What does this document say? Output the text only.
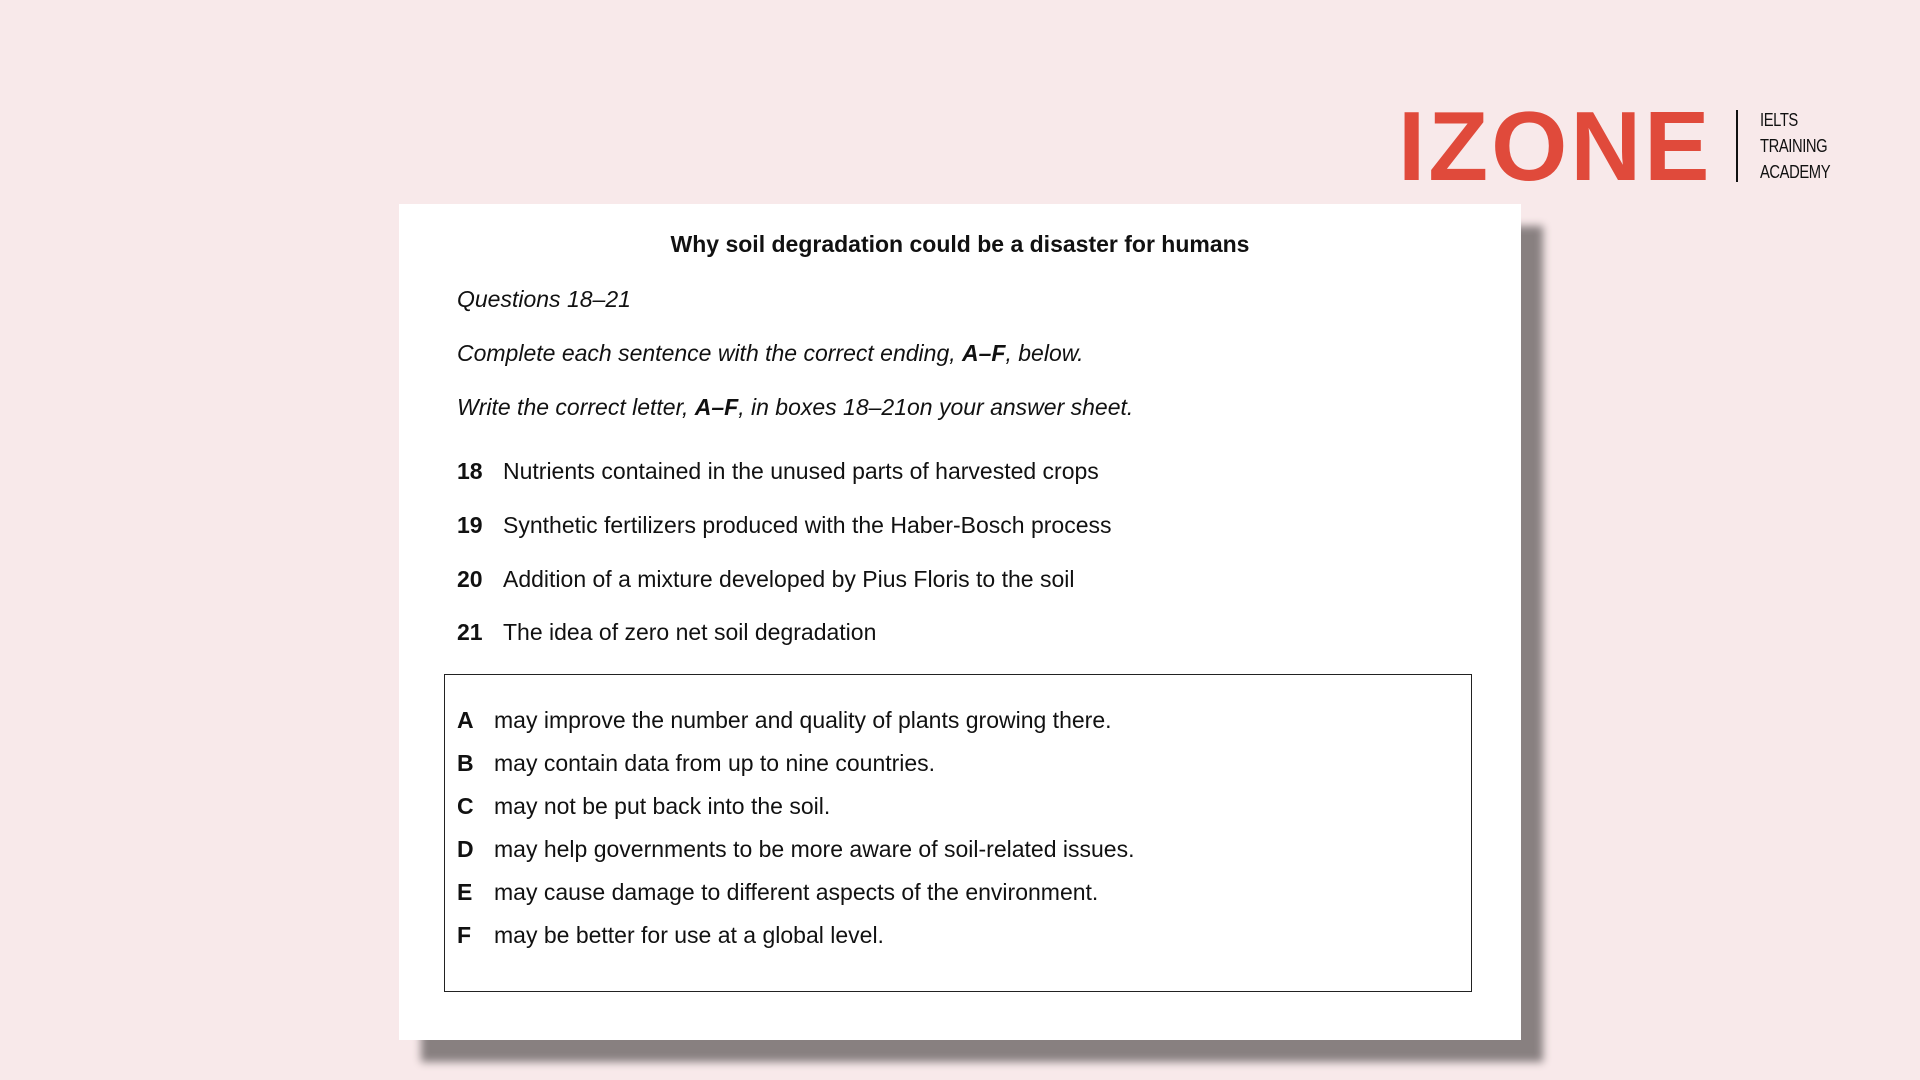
IZONE	IELTS
TRAINING
ACADEMY
Why soil degradation could be a disaster for humans
Questions 18–21
Complete each sentence with the correct ending, A–F, below.
Write the correct letter, A–F, in boxes 18–21on your answer sheet.
18 Nutrients contained in the unused parts of harvested crops
19 Synthetic fertilizers produced with the Haber-Bosch process
20 Addition of a mixture developed by Pius Floris to the soil
21 The idea of zero net soil degradation
A may improve the number and quality of plants growing there.
B may contain data from up to nine countries.
C may not be put back into the soil.
D may help governments to be more aware of soil-related issues.
E may cause damage to different aspects of the environment.
F may be better for use at a global level.
